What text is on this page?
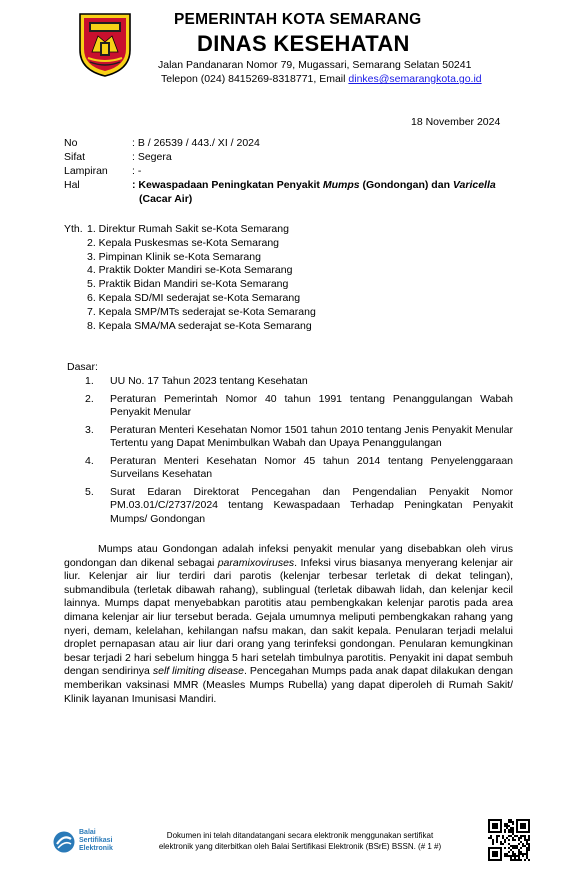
PEMERINTAH KOTA SEMARANG
DINAS KESEHATAN
Jalan Pandanaran Nomor 79, Mugassari, Semarang Selatan 50241
Telepon (024) 8415269-8318771, Email dinkes@semarangkota.go.id
18 November 2024
No	: B / 26539 / 443./ XI / 2024
Sifat	: Segera
Lampiran : -
Hal	: Kewaspadaan Peningkatan Penyakit Mumps (Gondongan) dan Varicella
(Cacar Air)
Yth. 1. Direktur Rumah Sakit se-Kota Semarang
2. Kepala Puskesmas se-Kota Semarang
3. Pimpinan Klinik se-Kota Semarang
4. Praktik Dokter Mandiri se-Kota Semarang
5. Praktik Bidan Mandiri se-Kota Semarang
6. Kepala SD/MI sederajat se-Kota Semarang
7. Kepala SMP/MTs sederajat se-Kota Semarang
8. Kepala SMA/MA sederajat se-Kota Semarang
Dasar:
1.	UU No. 17 Tahun 2023 tentang Kesehatan
2.	Peraturan Pemerintah Nomor 40 tahun 1991 tentang Penanggulangan Wabah Penyakit Menular
3.	Peraturan Menteri Kesehatan Nomor 1501 tahun 2010 tentang Jenis Penyakit Menular Tertentu yang Dapat Menimbulkan Wabah dan Upaya Penanggulangan
4.	Peraturan Menteri Kesehatan Nomor 45 tahun 2014 tentang Penyelenggaraan Surveilans Kesehatan
5.	Surat Edaran Direktorat Pencegahan dan Pengendalian Penyakit Nomor PM.03.01/C/2737/2024 tentang Kewaspadaan Terhadap Peningkatan Penyakit Mumps/ Gondongan
Mumps atau Gondongan adalah infeksi penyakit menular yang disebabkan oleh virus gondongan dan dikenal sebagai paramixoviruses. Infeksi virus biasanya menyerang kelenjar air liur. Kelenjar air liur terdiri dari parotis (kelenjar terbesar terletak di dekat telingan), submandibula (terletak dibawah rahang), sublingual (terletak dibawah lidah, dan kelenjar kecil lainnya. Mumps dapat menyebabkan parotitis atau pembengkakan kelenjar parotis pada area dimana kelenjar air liur tersebut berada. Gejala umumnya meliputi pembengkakan rahang yang nyeri, demam, kelelahan, kehilangan nafsu makan, dan sakit kepala. Penularan terjadi melalui droplet pernapasan atau air liur dari orang yang terinfeksi gondongan. Penularan kemungkinan besar terjadi 2 hari sebelum hingga 5 hari setelah timbulnya parotitis. Penyakit ini dapat sembuh dengan sendirinya self limiting disease. Pencegahan Mumps pada anak dapat dilakukan dengan memberikan vaksinasi MMR (Measles Mumps Rubella) yang dapat diperoleh di Rumah Sakit/ Klinik layanan Imunisasi Mandiri.
Balai
Sertifikasi
Elektronik
Dokumen ini telah ditandatangani secara elektronik menggunakan sertifikat
elektronik yang diterbitkan oleh Balai Sertifikasi Elektronik (BSrE) BSSN. (# 1 #)
